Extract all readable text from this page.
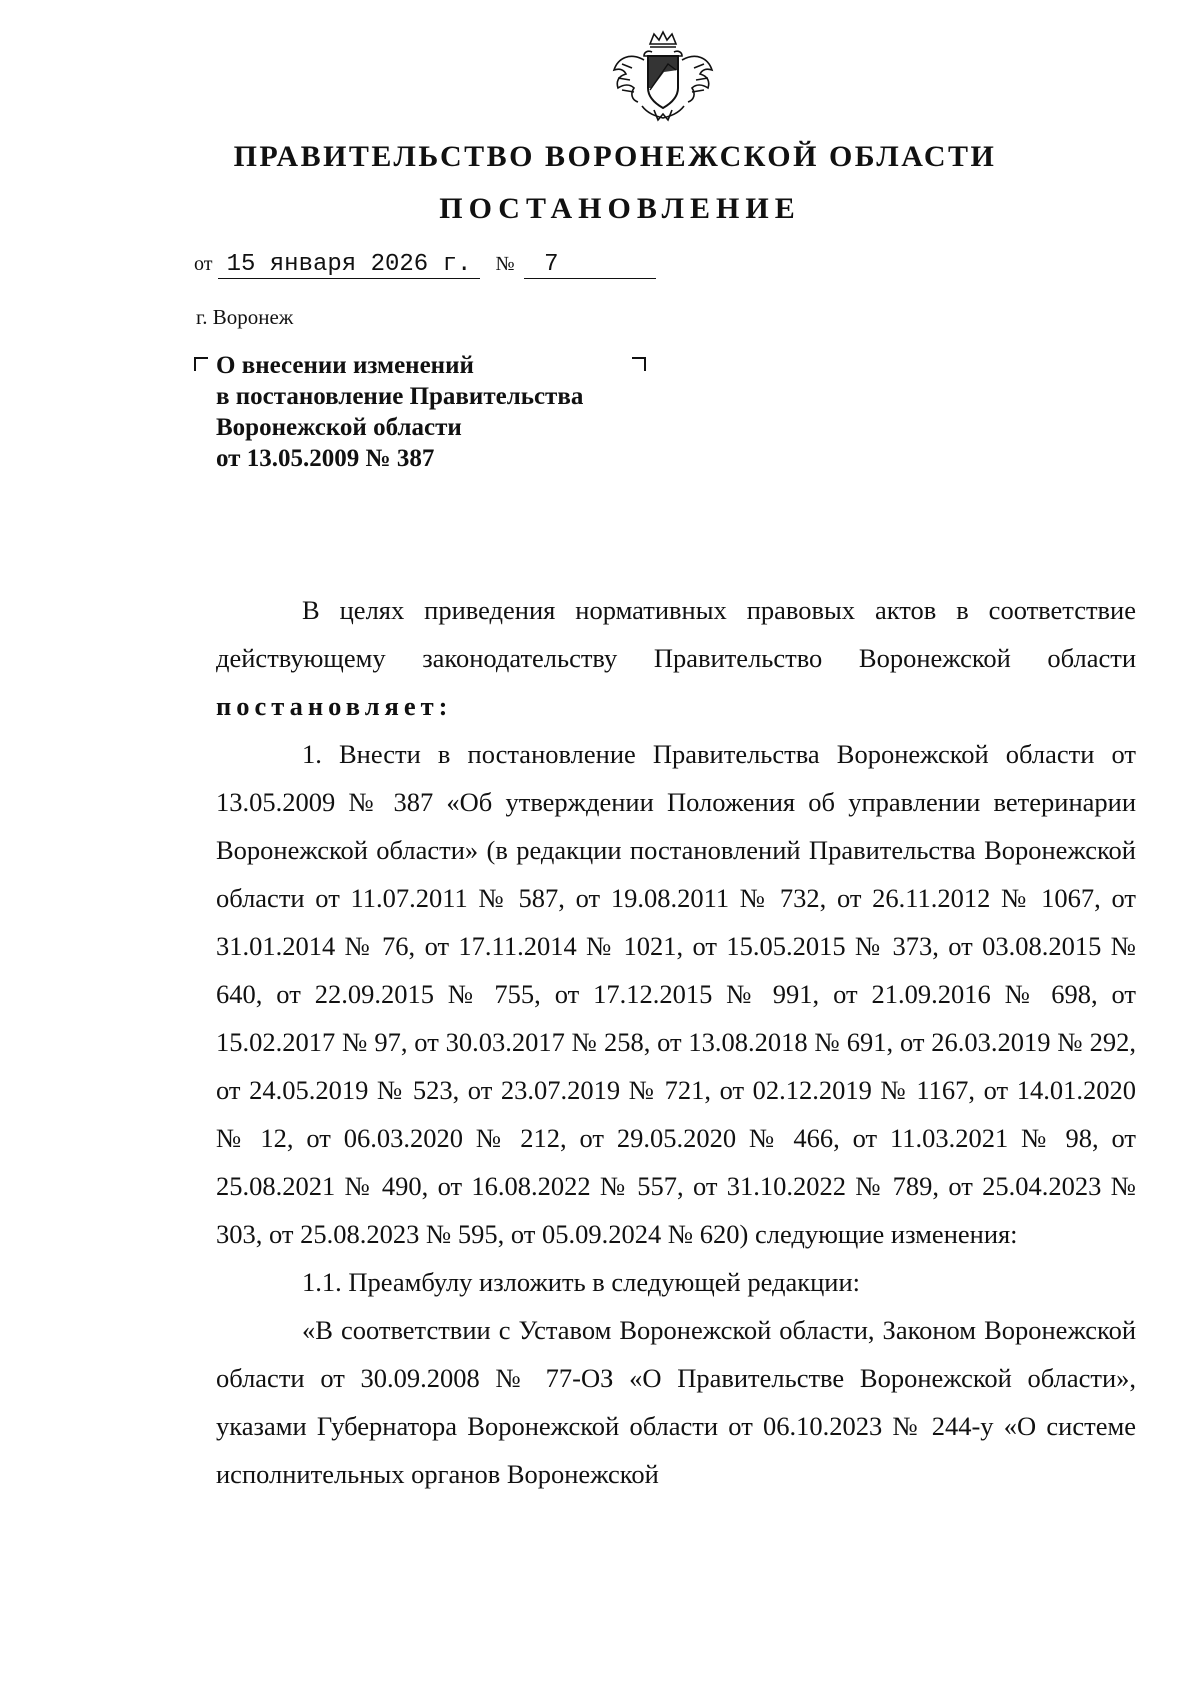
ПРАВИТЕЛЬСТВО ВОРОНЕЖСКОЙ ОБЛАСТИ
ПОСТАНОВЛЕНИЕ
от 15 января 2026 г. № 7
г. Воронеж
О внесении изменений
в постановление Правительства
Воронежской области
от 13.05.2009 № 387

В целях приведения нормативных правовых актов в соответствие действующему законодательству Правительство Воронежской области постановляет:

1. Внести в постановление Правительства Воронежской области от 13.05.2009 № 387 «Об утверждении Положения об управлении ветеринарии Воронежской области» (в редакции постановлений Правительства Воронежской области от 11.07.2011 № 587, от 19.08.2011 № 732, от 26.11.2012 № 1067, от 31.01.2014 № 76, от 17.11.2014 № 1021, от 15.05.2015 № 373, от 03.08.2015 № 640, от 22.09.2015 № 755, от 17.12.2015 № 991, от 21.09.2016 № 698, от 15.02.2017 № 97, от 30.03.2017 № 258, от 13.08.2018 № 691, от 26.03.2019 № 292, от 24.05.2019 № 523, от 23.07.2019 № 721, от 02.12.2019 № 1167, от 14.01.2020 № 12, от 06.03.2020 № 212, от 29.05.2020 № 466, от 11.03.2021 № 98, от 25.08.2021 № 490, от 16.08.2022 № 557, от 31.10.2022 № 789, от 25.04.2023 № 303, от 25.08.2023 № 595, от 05.09.2024 № 620) следующие изменения:

1.1. Преамбулу изложить в следующей редакции:

«В соответствии с Уставом Воронежской области, Законом Воронежской области от 30.09.2008 № 77-ОЗ «О Правительстве Воронежской области», указами Губернатора Воронежской области от 06.10.2023 № 244-у «О системе исполнительных органов Воронежской
